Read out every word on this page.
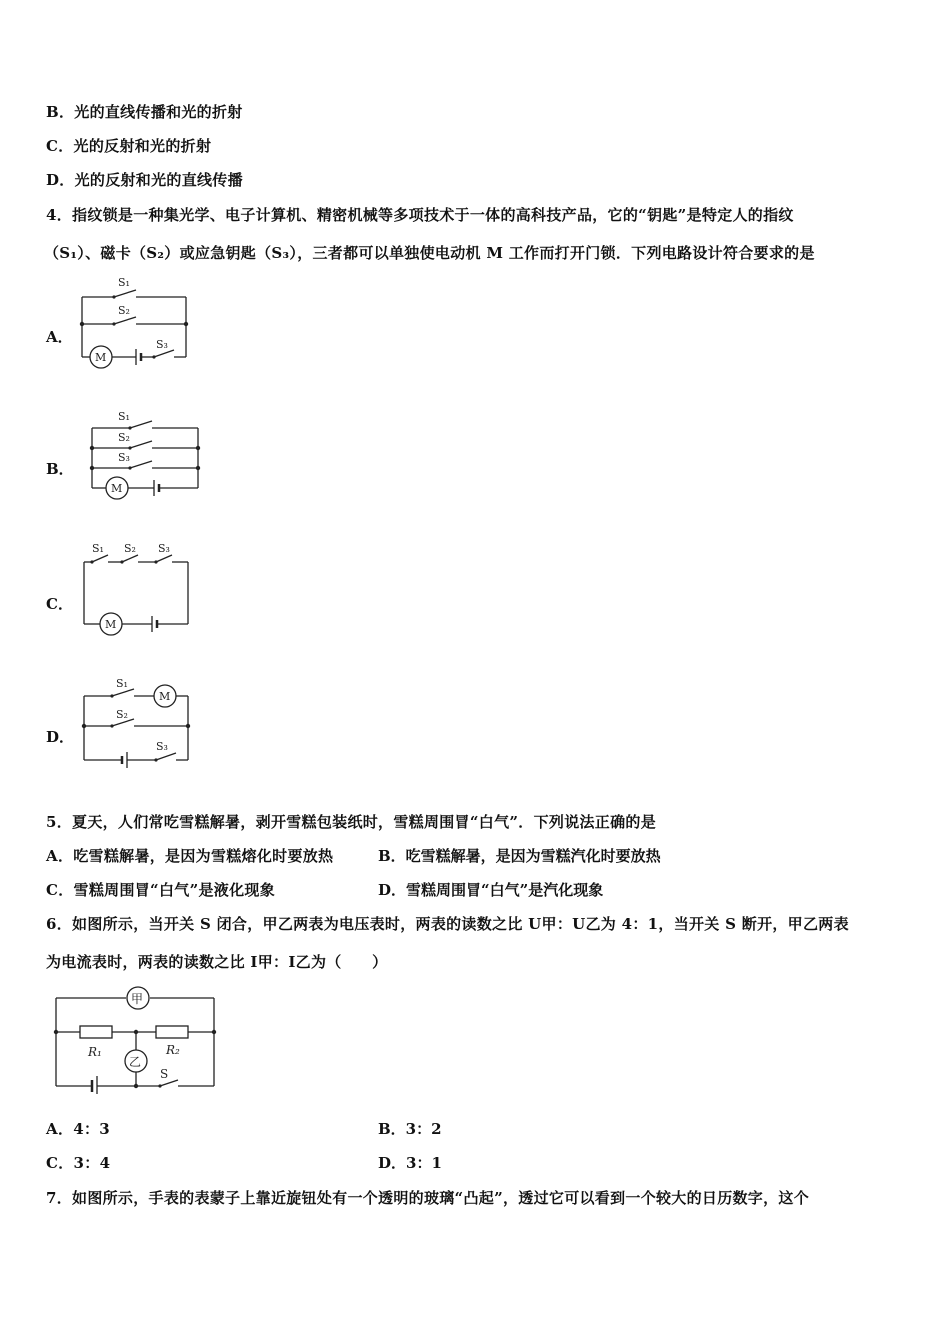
B．光的直线传播和光的折射
C．光的反射和光的折射
D．光的反射和光的直线传播
4．指纹锁是一种集光学、电子计算机、精密机械等多项技术于一体的高科技产品，它的“钥匙”是特定人的指纹
（S₁）、磁卡（S₂）或应急钥匙（S₃），三者都可以单独使电动机 M 工作而打开门锁．下列电路设计符合要求的是
A．
S₁
S₂
S₃
M
B．
S₁
S₂
S₃
M
C．
S₁ S₂ S₃
M
D．
S₁
S₂
S₃
M
5．夏天，人们常吃雪糕解暑，剥开雪糕包装纸时，雪糕周围冒“白气”．下列说法正确的是
A．吃雪糕解暑，是因为雪糕熔化时要放热	B．吃雪糕解暑，是因为雪糕汽化时要放热
C．雪糕周围冒“白气”是液化现象	D．雪糕周围冒“白气”是汽化现象
6．如图所示，当开关 S 闭合，甲乙两表为电压表时，两表的读数之比 U甲：U乙为 4：1，当开关 S 断开，甲乙两表
为电流表时，两表的读数之比 I甲：I乙为（　　）
甲
乙
R₁	R₂
S
A．4：3	B．3：2
C．3：4	D．3：1
7．如图所示，手表的表蒙子上靠近旋钮处有一个透明的玻璃“凸起”，透过它可以看到一个较大的日历数字，这个
